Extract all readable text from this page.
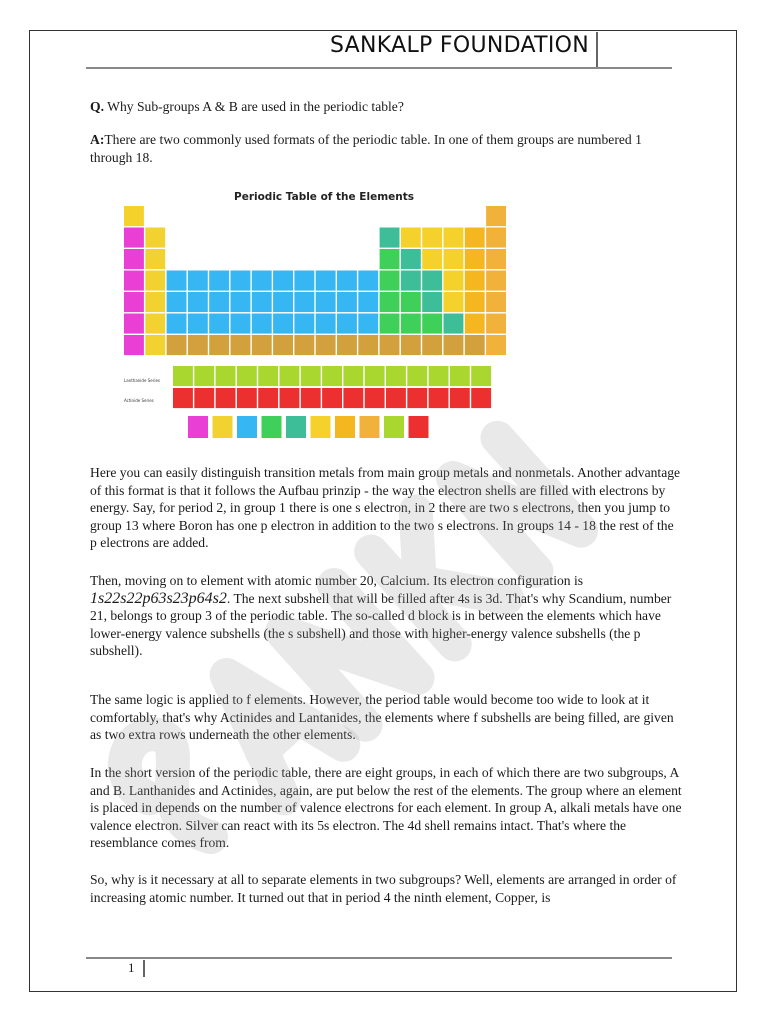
SANKALP FOUNDATION

Q. Why Sub-groups A & B are used in the periodic table?

A:There are two commonly used formats of the periodic table. In one of them groups are numbered 1 through 18.

Periodic Table of the Elements
Lanthanide Series
Actinide Series

Here you can easily distinguish transition metals from main group metals and nonmetals. Another advantage of this format is that it follows the Aufbau prinzip - the way the electron shells are filled with electrons by energy. Say, for period 2, in group 1 there is one s electron, in 2 there are two s electrons, then you jump to group 13 where Boron has one p electron in addition to the two s electrons. In groups 14 - 18 the rest of the p electrons are added.

Then, moving on to element with atomic number 20, Calcium. Its electron configuration is
1s22s22p63s23p64s2. The next subshell that will be filled after 4s is 3d. That's why Scandium, number 21, belongs to group 3 of the periodic table. The so-called d block is in between the elements which have lower-energy valence subshells (the s subshell) and those with higher-energy valence subshells (the p subshell).

The same logic is applied to f elements. However, the period table would become too wide to look at it comfortably, that's why Actinides and Lantanides, the elements where f subshells are being filled, are given as two extra rows underneath the other elements.

In the short version of the periodic table, there are eight groups, in each of which there are two subgroups, A and B. Lanthanides and Actinides, again, are put below the rest of the elements. The group where an element is placed in depends on the number of valence electrons for each element. In group A, alkali metals have one valence electron. Silver can react with its 5s electron. The 4d shell remains intact. That's where the resemblance comes from.

So, why is it necessary at all to separate elements in two subgroups? Well, elements are arranged in order of increasing atomic number. It turned out that in period 4 the ninth element, Copper, is

1
